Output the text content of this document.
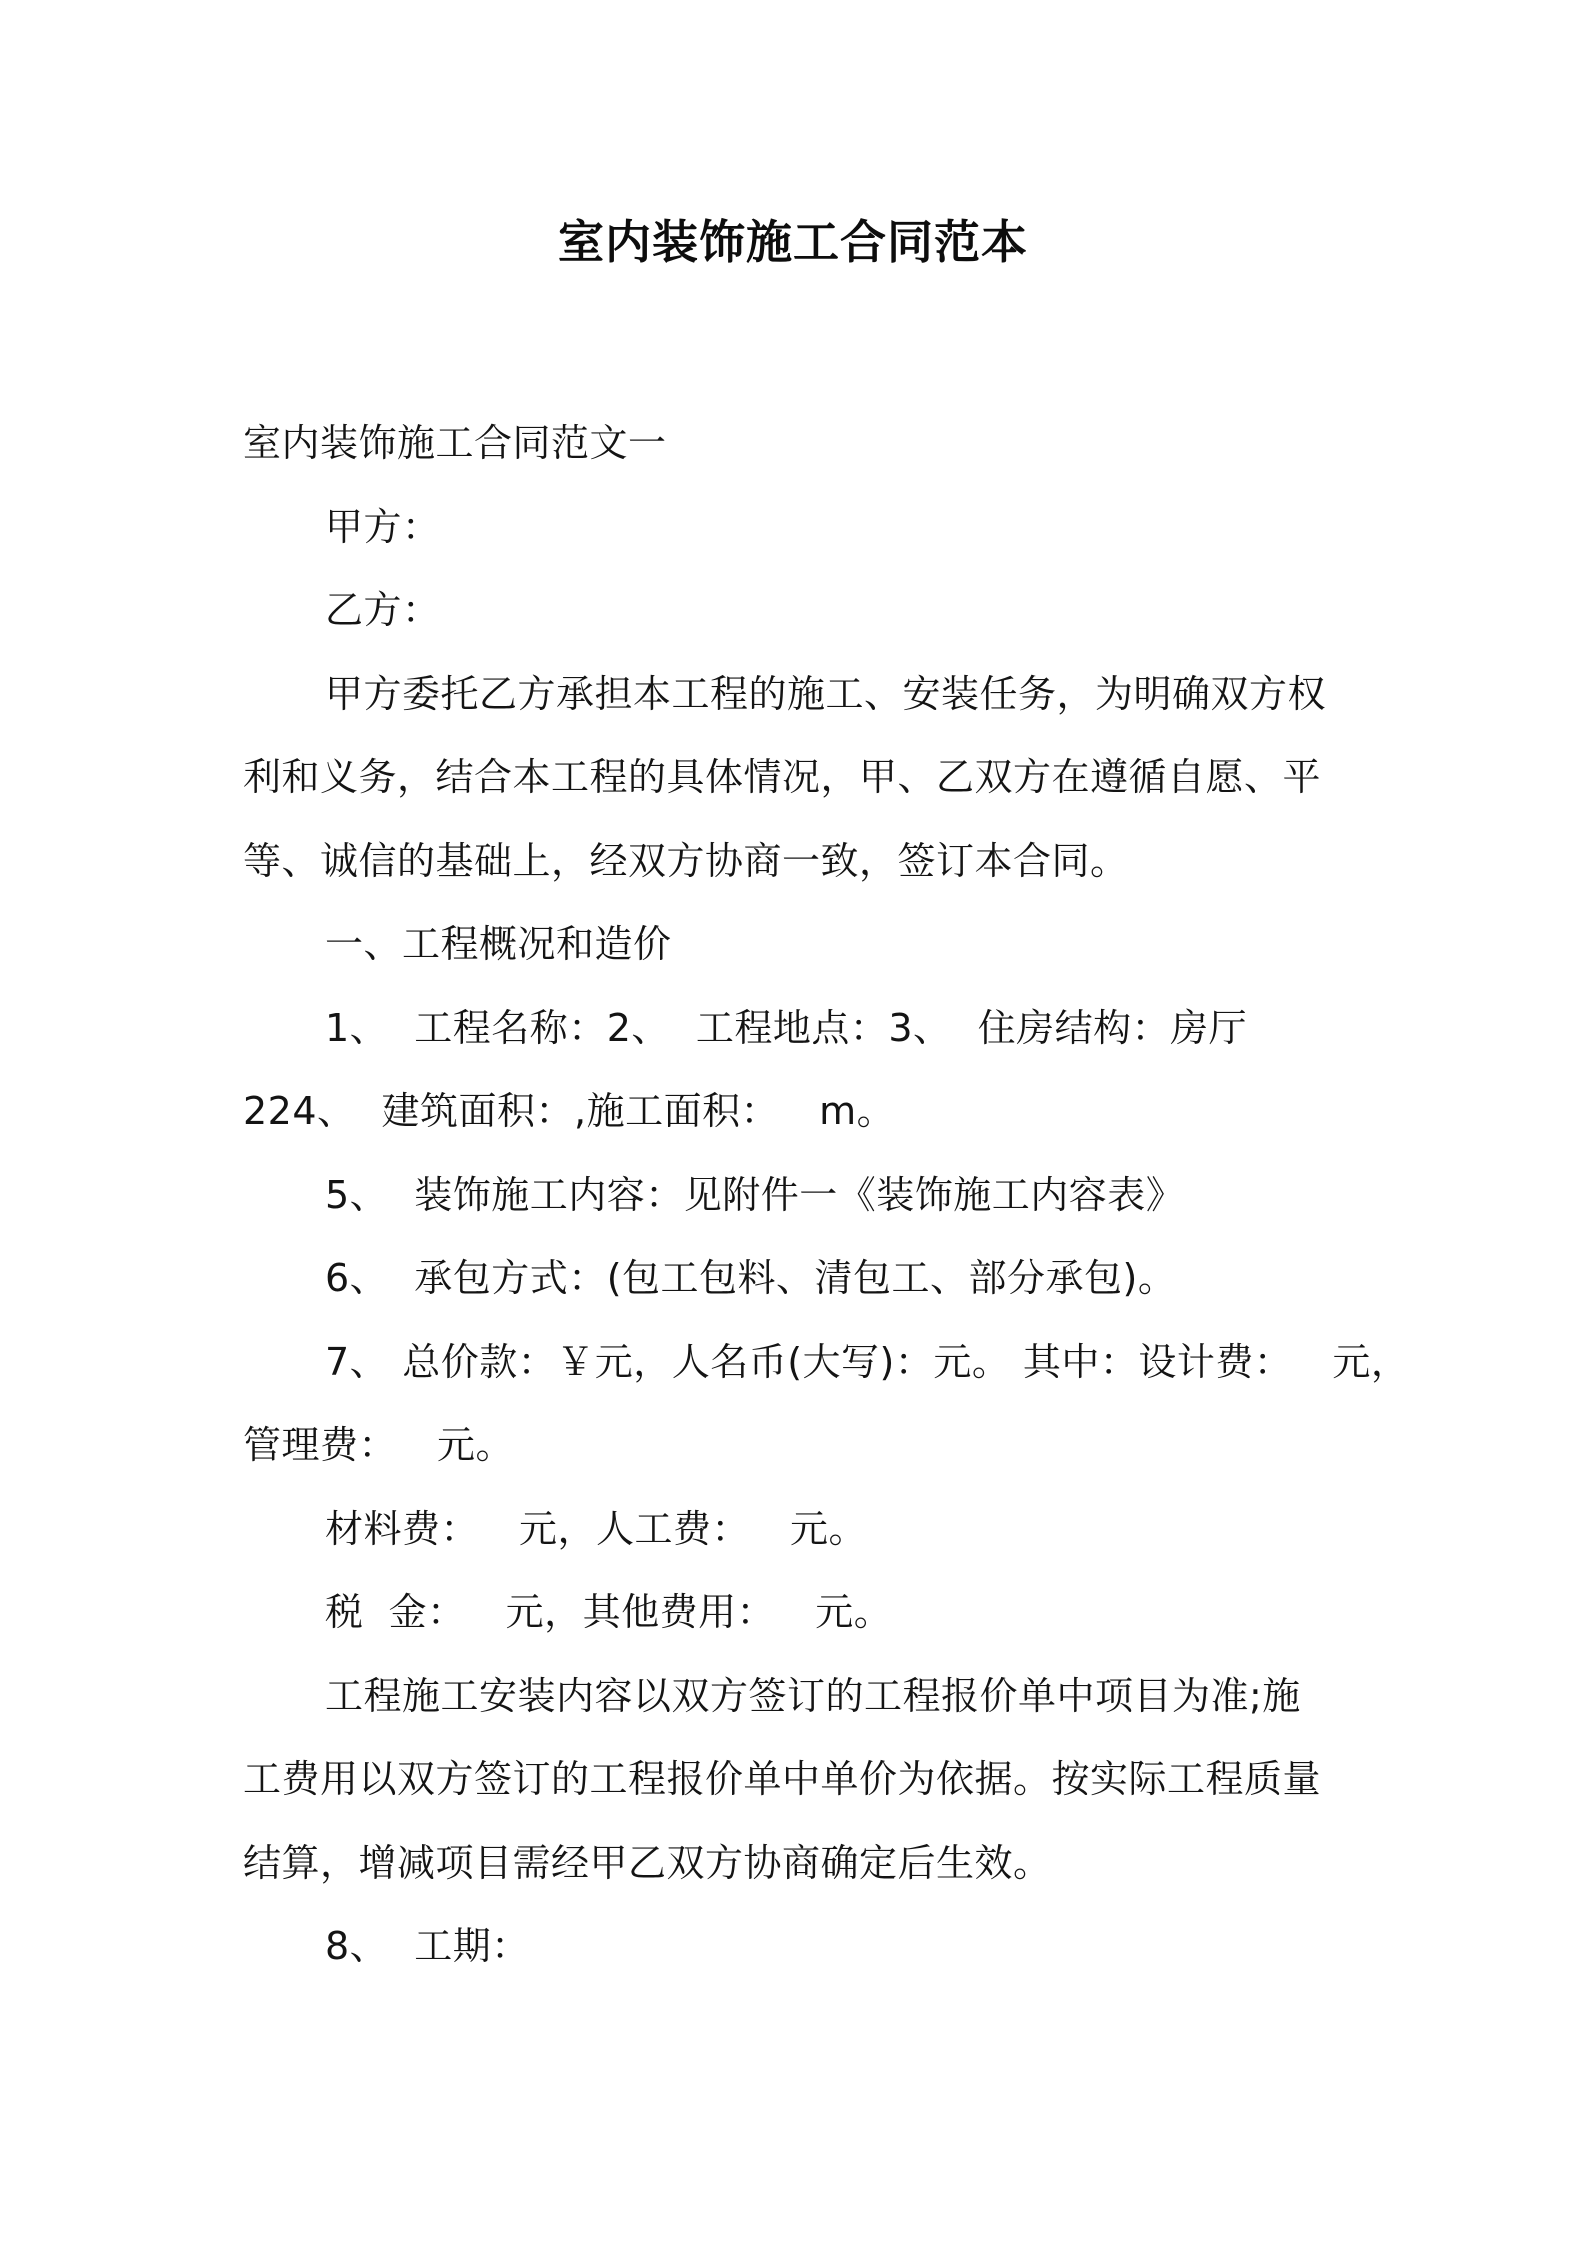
室内装饰施工合同范本
室内装饰施工合同范文一
甲方：
乙方：
甲方委托乙方承担本工程的施工、安装任务，为明确双方权
利和义务，结合本工程的具体情况，甲、乙双方在遵循自愿、平
等、诚信的基础上，经双方协商一致，签订本合同。
一、工程概况和造价
1、 工程名称：2、 工程地点：3、 住房结构：房厅
224、 建筑面积：,施工面积： m。
5、 装饰施工内容：见附件一《装饰施工内容表》
6、 承包方式：(包工包料、清包工、部分承包)。
7、 总价款：￥元，人名币(大写)：元。 其中：设计费： 元，
管理费： 元。
材料费： 元，人工费： 元。
税  金： 元，其他费用： 元。
工程施工安装内容以双方签订的工程报价单中项目为准;施
工费用以双方签订的工程报价单中单价为依据。按实际工程质量
结算，增减项目需经甲乙双方协商确定后生效。
8、 工期：
